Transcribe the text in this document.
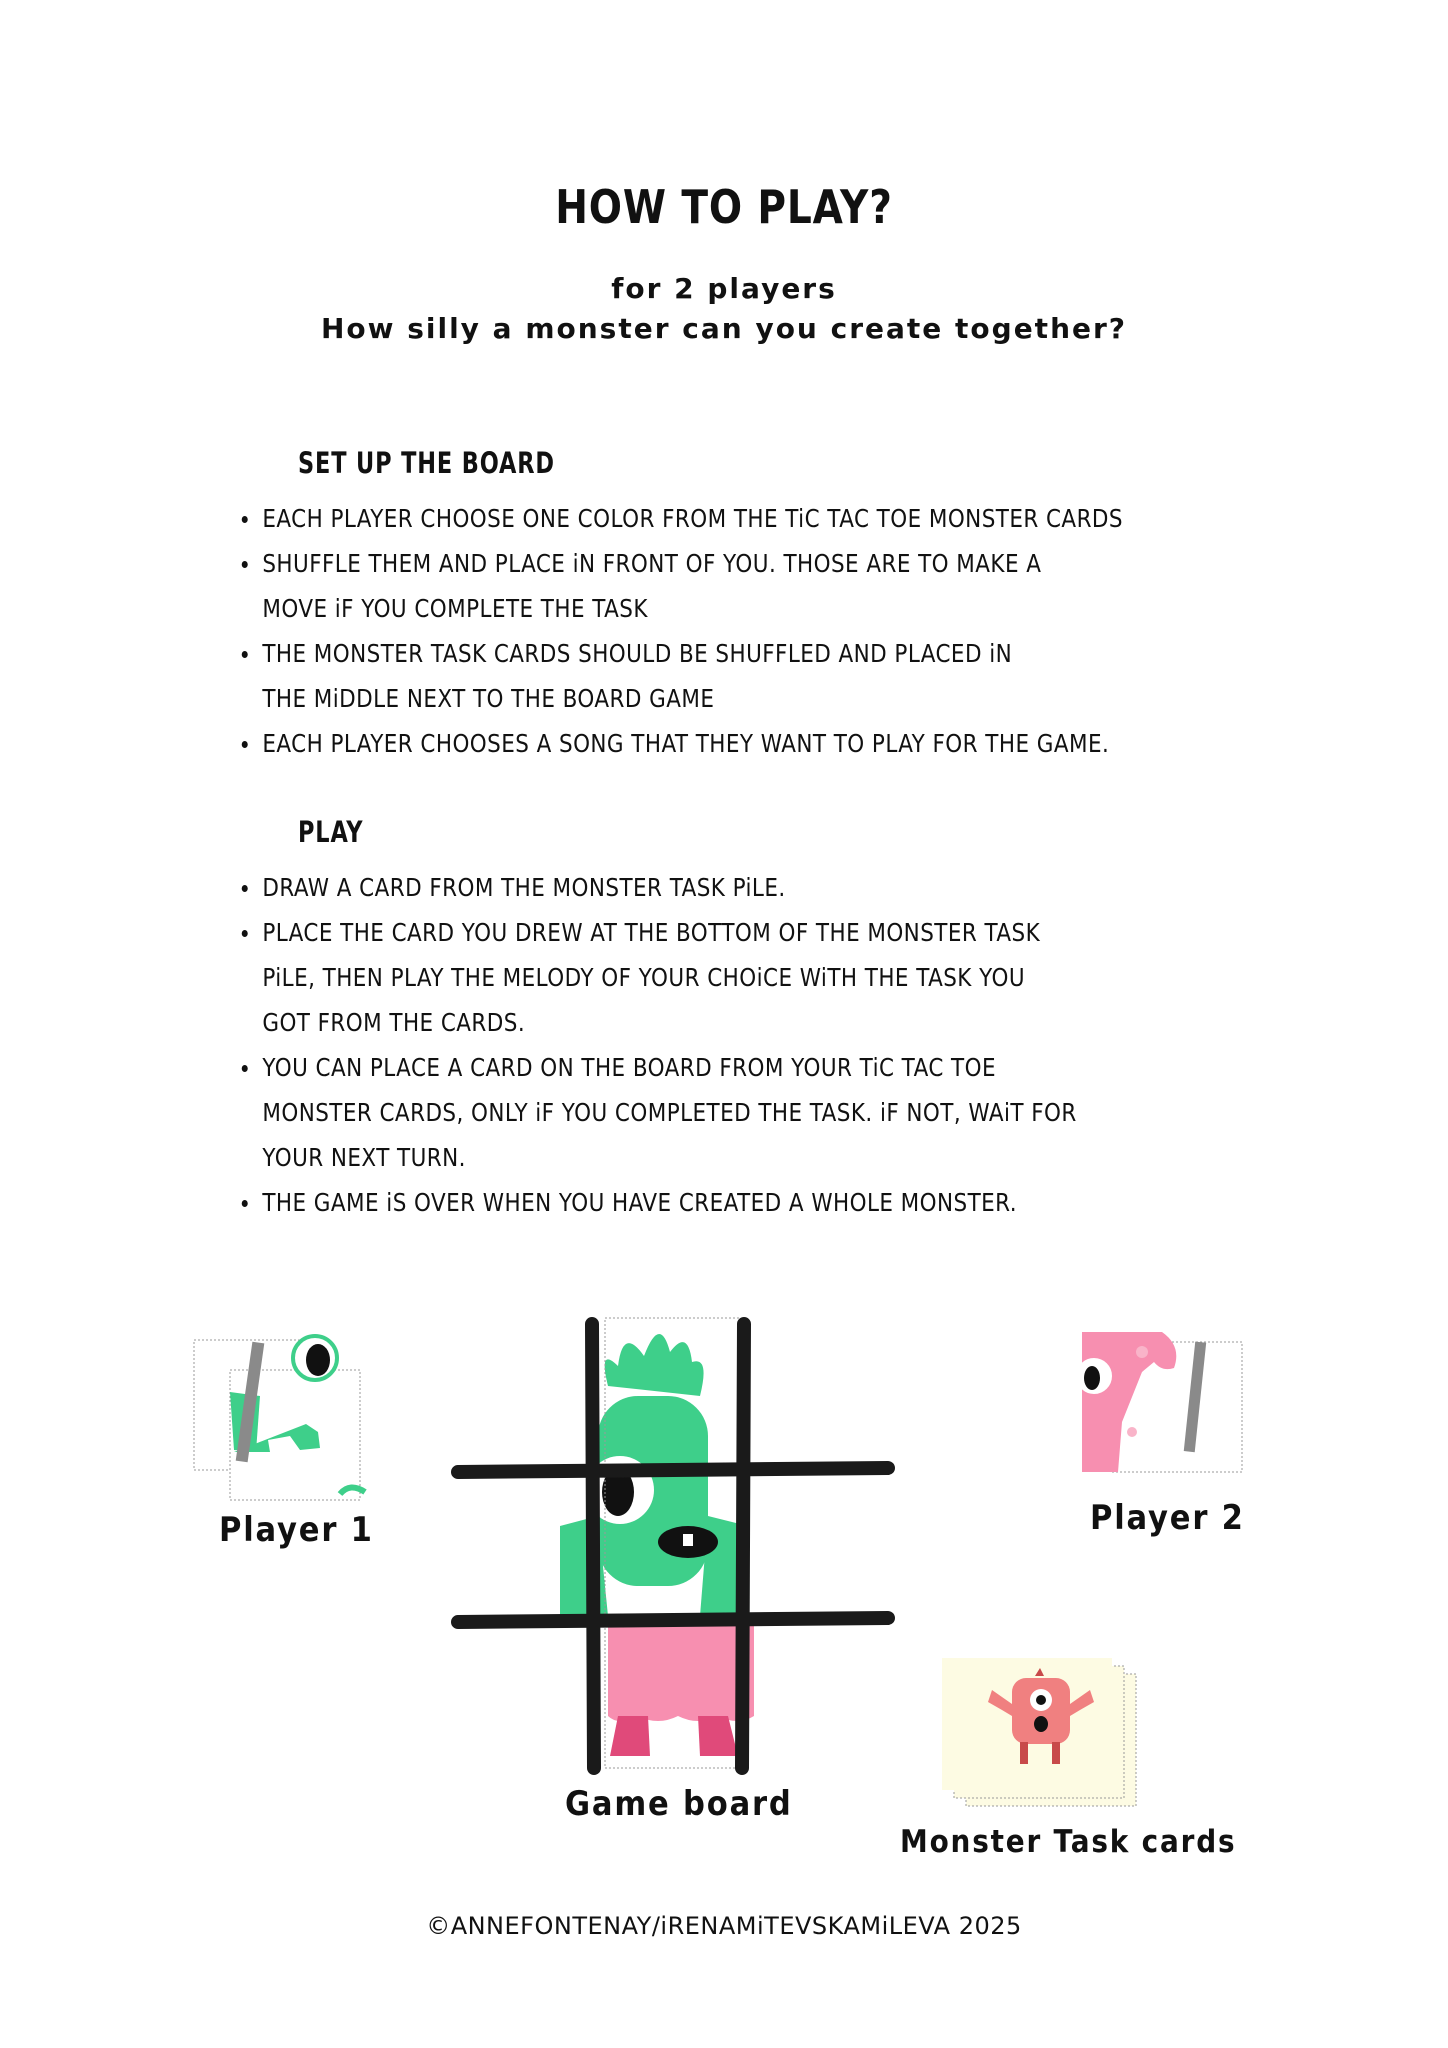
HOW TO PLAY?
for 2 players
How silly a monster can you create together?
SET UP THE BOARD
EACH PLAYER CHOOSE ONE COLOR FROM THE TiC TAC TOE MONSTER CARDS
SHUFFLE THEM AND PLACE iN FRONT OF YOU. THOSE ARE TO MAKE A MOVE iF YOU COMPLETE THE TASK
THE MONSTER TASK CARDS SHOULD BE SHUFFLED AND PLACED iN THE MiDDLE NEXT TO THE BOARD GAME
EACH PLAYER CHOOSES A SONG THAT THEY WANT TO PLAY FOR THE GAME.
PLAY
DRAW A CARD FROM THE MONSTER TASK PiLE.
PLACE THE CARD YOU DREW AT THE BOTTOM OF THE MONSTER TASK PiLE, THEN PLAY THE MELODY OF YOUR CHOiCE WiTH THE TASK YOU GOT FROM THE CARDS.
YOU CAN PLACE A CARD ON THE BOARD FROM YOUR TiC TAC TOE MONSTER CARDS, ONLY iF YOU COMPLETED THE TASK. iF NOT, WAiT FOR YOUR NEXT TURN.
THE GAME iS OVER WHEN YOU HAVE CREATED A WHOLE MONSTER.
Player 1	Player 2
Game board
Monster Task cards
©ANNEFONTENAY/iRENAMiTEVSKAMiLEVA 2025
